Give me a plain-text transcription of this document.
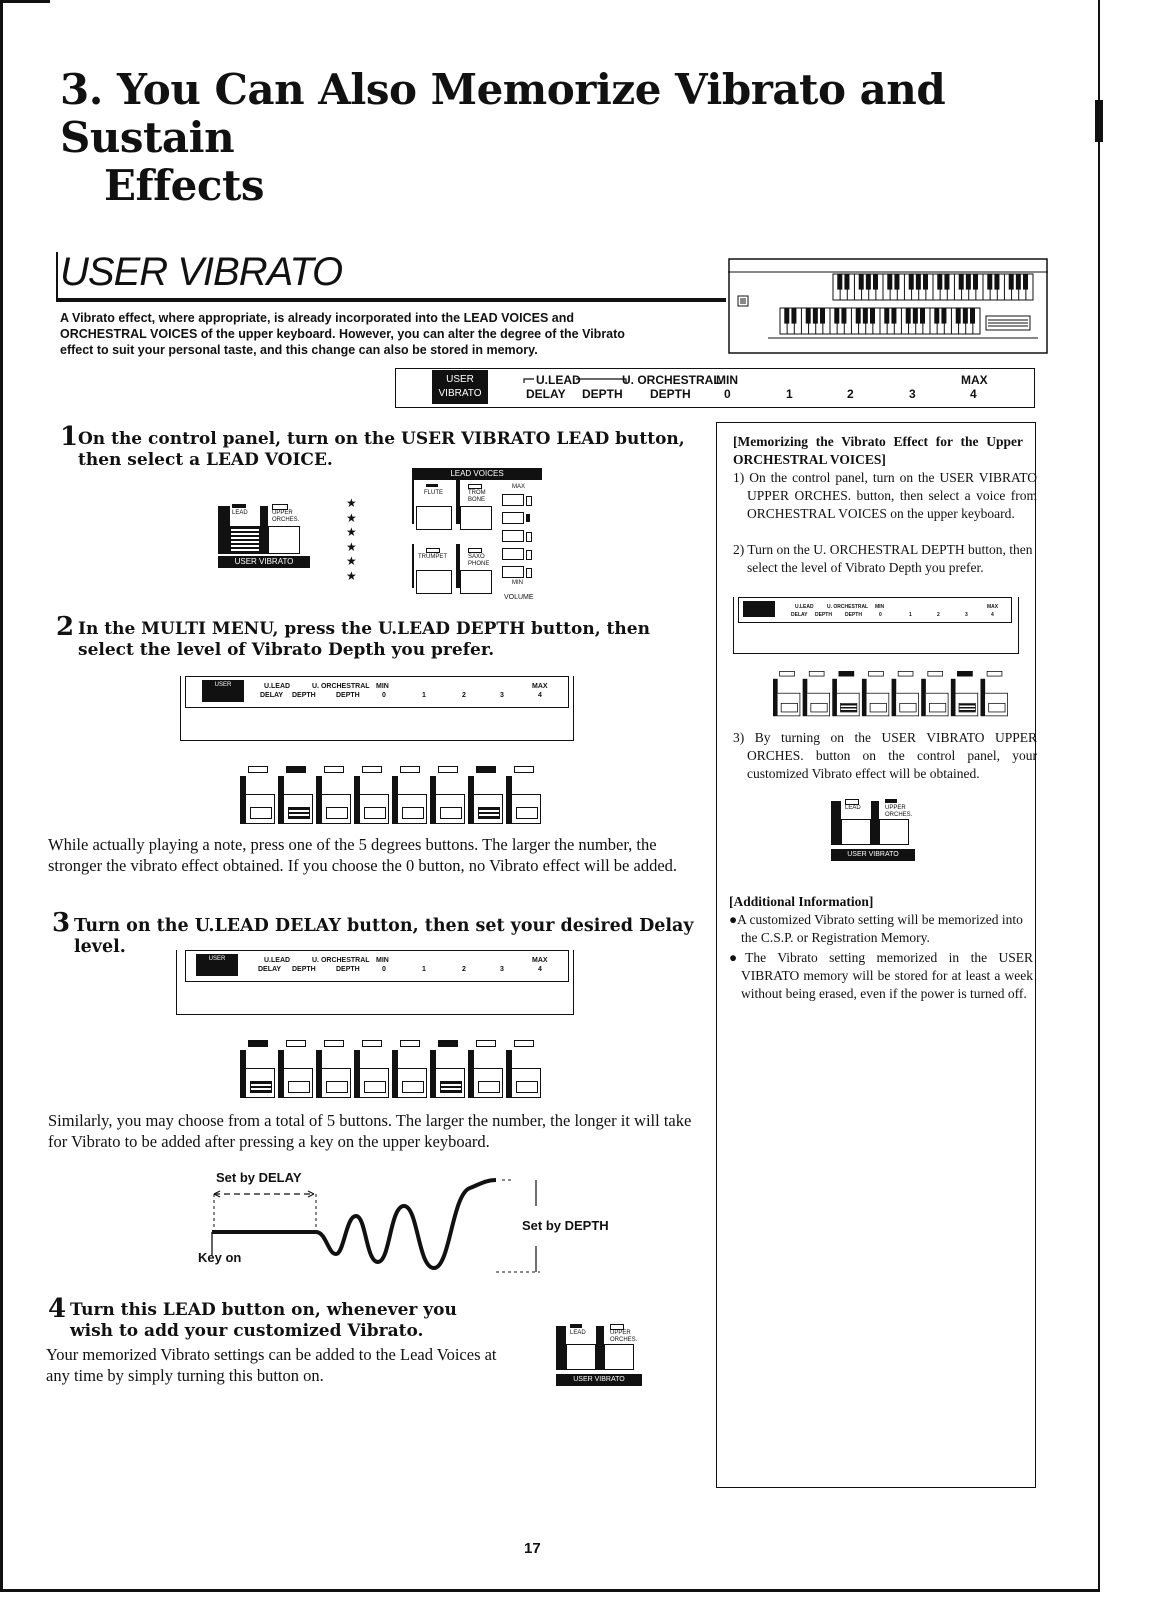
3. You Can Also Memorize Vibrato and Sustain
Effects
USER VIBRATO
A Vibrato effect, where appropriate, is already incorporated into the LEAD VOICES and
ORCHESTRAL VOICES of the upper keyboard. However, you can alter the degree of the Vibrato
effect to suit your personal taste, and this change can also be stored in memory.
USER
VIBRATO
U.LEAD	U. ORCHESTRAL
MIN	MAX
DELAY DEPTH DEPTH	0	1	2	3	4
1 On the control panel, turn on the USER VIBRATO LEAD button, then select a LEAD VOICE.
LEAD	UPPER ORCHES.
USER VIBRATO
★
★
★
★
★
★
LEAD VOICES
FLUTE	TROM BONE
TRUMPET	SAXO PHONE
MAX
MIN
VOLUME
2 In the MULTI MENU, press the U.LEAD DEPTH button, then select the level of Vibrato Depth you prefer.
USER	U.LEAD	U. ORCHESTRAL MIN	MAX
DELAY DEPTH	DEPTH	0	1	2	3	4
While actually playing a note, press one of the 5 degrees buttons. The larger the number, the stronger the vibrato effect obtained. If you choose the 0 button, no Vibrato effect will be added.
3 Turn on the U.LEAD DELAY button, then set your desired Delay level.
USER	U.LEAD	U. ORCHESTRAL MIN	MAX
DELAY DEPTH	DEPTH	0	1	2	3	4
Similarly, you may choose from a total of 5 buttons. The larger the number, the longer it will take for Vibrato to be added after pressing a key on the upper keyboard.
Set by DELAY
Set by DEPTH
Key on
4 Turn this LEAD button on, whenever you wish to add your customized Vibrato.
Your memorized Vibrato settings can be added to the Lead Voices at any time by simply turning this button on.
LEAD	UPPER ORCHES.
USER VIBRATO
[Memorizing the Vibrato Effect for the Upper ORCHESTRAL VOICES]
1) On the control panel, turn on the USER VIBRATO UPPER ORCHES. button, then select a voice from ORCHESTRAL VOICES on the upper keyboard.
2) Turn on the U. ORCHESTRAL DEPTH button, then select the level of Vibrato Depth you prefer.
U.LEAD	U. ORCHESTRAL MIN	MAX
DELAY DEPTH	DEPTH	0	1	2	3	4
3) By turning on the USER VIBRATO UPPER ORCHES. button on the control panel, your customized Vibrato effect will be obtained.
LEAD	UPPER ORCHES.
USER VIBRATO
[Additional Information]
●A customized Vibrato setting will be memorized into the C.S.P. or Registration Memory.
●The Vibrato setting memorized in the USER VIBRATO memory will be stored for at least a week without being erased, even if the power is turned off.
17
